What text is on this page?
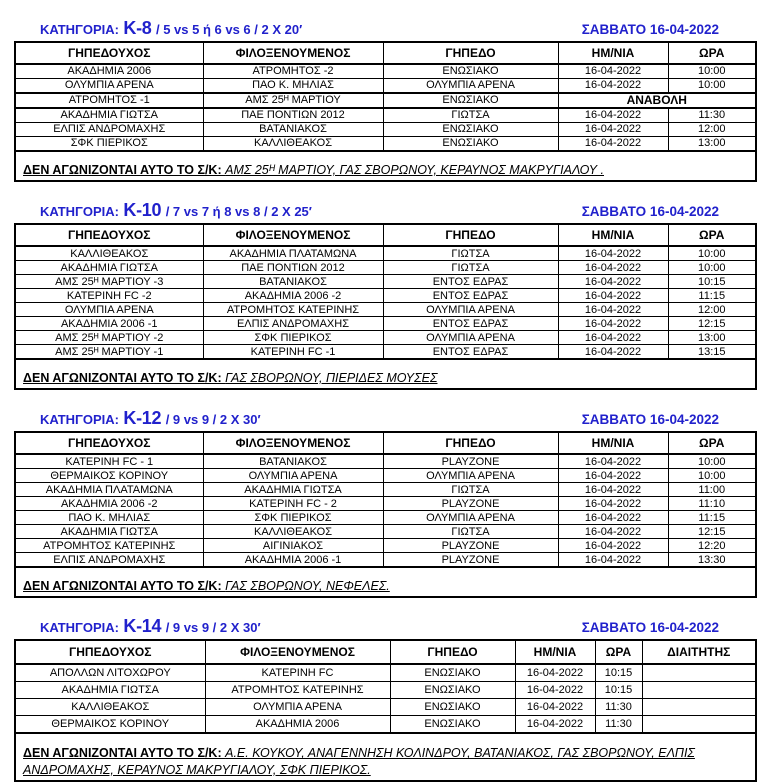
ΚΑΤΗΓΟΡΙΑ: Κ-8 / 5 vs 5 ή 6 vs 6 / 2 Χ 20′	ΣΑΒΒΑΤΟ 16-04-2022
ΓΗΠΕΔΟΥΧΟΣ	ΦΙΛΟΞΕΝΟΥΜΕΝΟΣ	ΓΗΠΕΔΟ	ΗΜ/ΝΙΑ	ΩΡΑ
ΑΚΑΔΗΜΙΑ 2006	ΑΤΡΟΜΗΤΟΣ -2	ΕΝΩΣΙΑΚΟ	16-04-2022	10:00
ΟΛΥΜΠΙΑ ΑΡΕΝΑ	ΠΑΟ Κ. ΜΗΛΙΑΣ	ΟΛΥΜΠΙΑ ΑΡΕΝΑ	16-04-2022	10:00
ΑΤΡΟΜΗΤΟΣ -1	ΑΜΣ 25ᴴ ΜΑΡΤΙΟΥ	ΕΝΩΣΙΑΚΟ	ΑΝΑΒΟΛΗ	
ΑΚΑΔΗΜΙΑ ΓΙΩΤΣΑ	ΠΑΕ ΠΟΝΤΙΩΝ 2012	ΓΙΩΤΣΑ	16-04-2022	11:30
ΕΛΠΙΣ ΑΝΔΡΟΜΑΧΗΣ	ΒΑΤΑΝΙΑΚΟΣ	ΕΝΩΣΙΑΚΟ	16-04-2022	12:00
ΣΦΚ ΠΙΕΡΙΚΟΣ	ΚΑΛΛΙΘΕΑΚΟΣ	ΕΝΩΣΙΑΚΟ	16-04-2022	13:00
ΔΕΝ ΑΓΩΝΙΖΟΝΤΑΙ ΑΥΤΟ ΤΟ Σ/Κ: ΑΜΣ 25ᴴ ΜΑΡΤΙΟΥ, ΓΑΣ ΣΒΟΡΩΝΟΥ, ΚΕΡΑΥΝΟΣ ΜΑΚΡΥΓΙΑΛΟΥ .				
ΚΑΤΗΓΟΡΙΑ: Κ-10 / 7 vs 7 ή 8 vs 8 / 2 Χ 25′	ΣΑΒΒΑΤΟ 16-04-2022
ΓΗΠΕΔΟΥΧΟΣ	ΦΙΛΟΞΕΝΟΥΜΕΝΟΣ	ΓΗΠΕΔΟ	ΗΜ/ΝΙΑ	ΩΡΑ
ΚΑΛΛΙΘΕΑΚΟΣ	ΑΚΑΔΗΜΙΑ ΠΛΑΤΑΜΩΝΑ	ΓΙΩΤΣΑ	16-04-2022	10:00
ΑΚΑΔΗΜΙΑ ΓΙΩΤΣΑ	ΠΑΕ ΠΟΝΤΙΩΝ 2012	ΓΙΩΤΣΑ	16-04-2022	10:00
ΑΜΣ 25ᴴ ΜΑΡΤΙΟΥ -3	ΒΑΤΑΝΙΑΚΟΣ	ΕΝΤΟΣ ΕΔΡΑΣ	16-04-2022	10:15
ΚΑΤΕΡΙΝΗ FC -2	ΑΚΑΔΗΜΙΑ 2006 -2	ΕΝΤΟΣ ΕΔΡΑΣ	16-04-2022	11:15
ΟΛΥΜΠΙΑ ΑΡΕΝΑ	ΑΤΡΟΜΗΤΟΣ ΚΑΤΕΡΙΝΗΣ	ΟΛΥΜΠΙΑ ΑΡΕΝΑ	16-04-2022	12:00
ΑΚΑΔΗΜΙΑ 2006 -1	ΕΛΠΙΣ ΑΝΔΡΟΜΑΧΗΣ	ΕΝΤΟΣ ΕΔΡΑΣ	16-04-2022	12:15
ΑΜΣ 25ᴴ ΜΑΡΤΙΟΥ -2	ΣΦΚ ΠΙΕΡΙΚΟΣ	ΟΛΥΜΠΙΑ ΑΡΕΝΑ	16-04-2022	13:00
ΑΜΣ 25ᴴ ΜΑΡΤΙΟΥ -1	ΚΑΤΕΡΙΝΗ FC -1	ΕΝΤΟΣ ΕΔΡΑΣ	16-04-2022	13:15
ΔΕΝ ΑΓΩΝΙΖΟΝΤΑΙ ΑΥΤΟ ΤΟ Σ/Κ: ΓΑΣ ΣΒΟΡΩΝΟΥ, ΠΙΕΡΙΔΕΣ ΜΟΥΣΕΣ				
ΚΑΤΗΓΟΡΙΑ: Κ-12 / 9 vs 9 / 2 Χ 30′	ΣΑΒΒΑΤΟ 16-04-2022
ΓΗΠΕΔΟΥΧΟΣ	ΦΙΛΟΞΕΝΟΥΜΕΝΟΣ	ΓΗΠΕΔΟ	ΗΜ/ΝΙΑ	ΩΡΑ
ΚΑΤΕΡΙΝΗ FC - 1	ΒΑΤΑΝΙΑΚΟΣ	PLAYZONE	16-04-2022	10:00
ΘΕΡΜΑΙΚΟΣ ΚΟΡΙΝΟΥ	ΟΛΥΜΠΙΑ ΑΡΕΝΑ	ΟΛΥΜΠΙΑ ΑΡΕΝΑ	16-04-2022	10:00
ΑΚΑΔΗΜΙΑ ΠΛΑΤΑΜΩΝΑ	ΑΚΑΔΗΜΙΑ ΓΙΩΤΣΑ	ΓΙΩΤΣΑ	16-04-2022	11:00
ΑΚΑΔΗΜΙΑ 2006 -2	ΚΑΤΕΡΙΝΗ FC - 2	PLAYZONE	16-04-2022	11:10
ΠΑΟ Κ. ΜΗΛΙΑΣ	ΣΦΚ ΠΙΕΡΙΚΟΣ	ΟΛΥΜΠΙΑ ΑΡΕΝΑ	16-04-2022	11:15
ΑΚΑΔΗΜΙΑ ΓΙΩΤΣΑ	ΚΑΛΛΙΘΕΑΚΟΣ	ΓΙΩΤΣΑ	16-04-2022	12:15
ΑΤΡΟΜΗΤΟΣ ΚΑΤΕΡΙΝΗΣ	ΑΙΓΙΝΙΑΚΟΣ	PLAYZONE	16-04-2022	12:20
ΕΛΠΙΣ ΑΝΔΡΟΜΑΧΗΣ	ΑΚΑΔΗΜΙΑ 2006 -1	PLAYZONE	16-04-2022	13:30
ΔΕΝ ΑΓΩΝΙΖΟΝΤΑΙ ΑΥΤΟ ΤΟ Σ/Κ: ΓΑΣ ΣΒΟΡΩΝΟΥ, ΝΕΦΕΛΕΣ.				
ΚΑΤΗΓΟΡΙΑ: Κ-14 / 9 vs 9 / 2 Χ 30′	ΣΑΒΒΑΤΟ 16-04-2022
ΓΗΠΕΔΟΥΧΟΣ	ΦΙΛΟΞΕΝΟΥΜΕΝΟΣ	ΓΗΠΕΔΟ	ΗΜ/ΝΙΑ	ΩΡΑ	ΔΙΑΙΤΗΤΗΣ
ΑΠΟΛΛΩΝ ΛΙΤΟΧΩΡΟΥ	ΚΑΤΕΡΙΝΗ FC	ΕΝΩΣΙΑΚΟ	16-04-2022	10:15	
ΑΚΑΔΗΜΙΑ ΓΙΩΤΣΑ	ΑΤΡΟΜΗΤΟΣ ΚΑΤΕΡΙΝΗΣ	ΕΝΩΣΙΑΚΟ	16-04-2022	10:15	
ΚΑΛΛΙΘΕΑΚΟΣ	ΟΛΥΜΠΙΑ ΑΡΕΝΑ	ΕΝΩΣΙΑΚΟ	16-04-2022	11:30	
ΘΕΡΜΑΙΚΟΣ ΚΟΡΙΝΟΥ	ΑΚΑΔΗΜΙΑ 2006	ΕΝΩΣΙΑΚΟ	16-04-2022	11:30	
ΔΕΝ ΑΓΩΝΙΖΟΝΤΑΙ ΑΥΤΟ ΤΟ Σ/Κ: Α.Ε. ΚΟΥΚΟΥ, ΑΝΑΓΕΝΝΗΣΗ ΚΟΛΙΝΔΡΟΥ, ΒΑΤΑΝΙΑΚΟΣ, ΓΑΣ ΣΒΟΡΩΝΟΥ, ΕΛΠΙΣ ΑΝΔΡΟΜΑΧΗΣ, ΚΕΡΑΥΝΟΣ ΜΑΚΡΥΓΙΑΛΟΥ, ΣΦΚ ΠΙΕΡΙΚΟΣ.					
